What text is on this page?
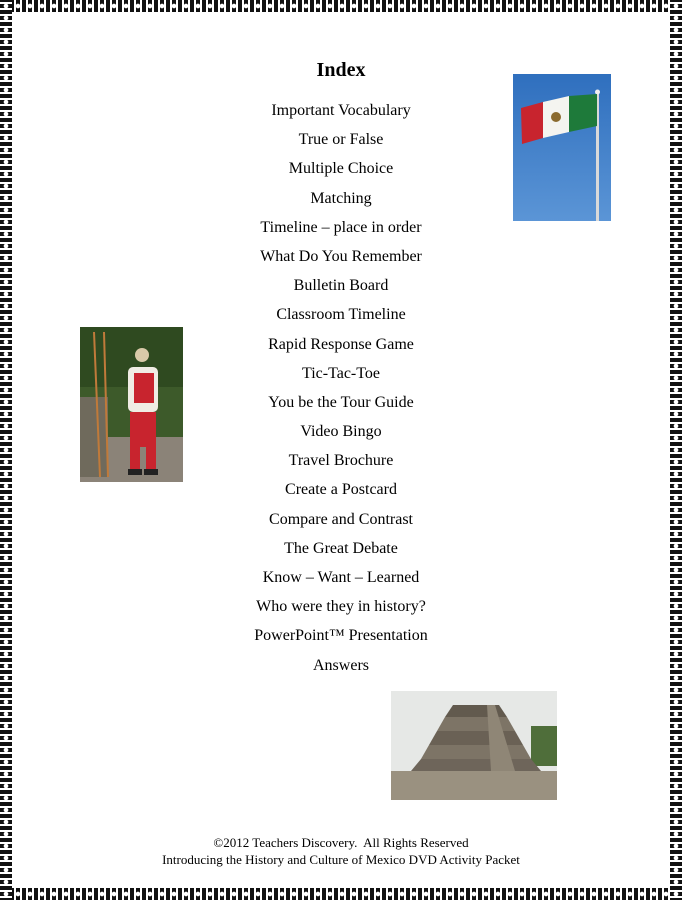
Index
Important Vocabulary
True or False
Multiple Choice
Matching
Timeline – place in order
What Do You Remember
Bulletin Board
Classroom Timeline
Rapid Response Game
Tic-Tac-Toe
You be the Tour Guide
Video Bingo
Travel Brochure
Create a Postcard
Compare and Contrast
The Great Debate
Know – Want – Learned
Who were they in history?
PowerPoint™ Presentation
Answers
©2012 Teachers Discovery.  All Rights Reserved
Introducing the History and Culture of Mexico DVD Activity Packet
